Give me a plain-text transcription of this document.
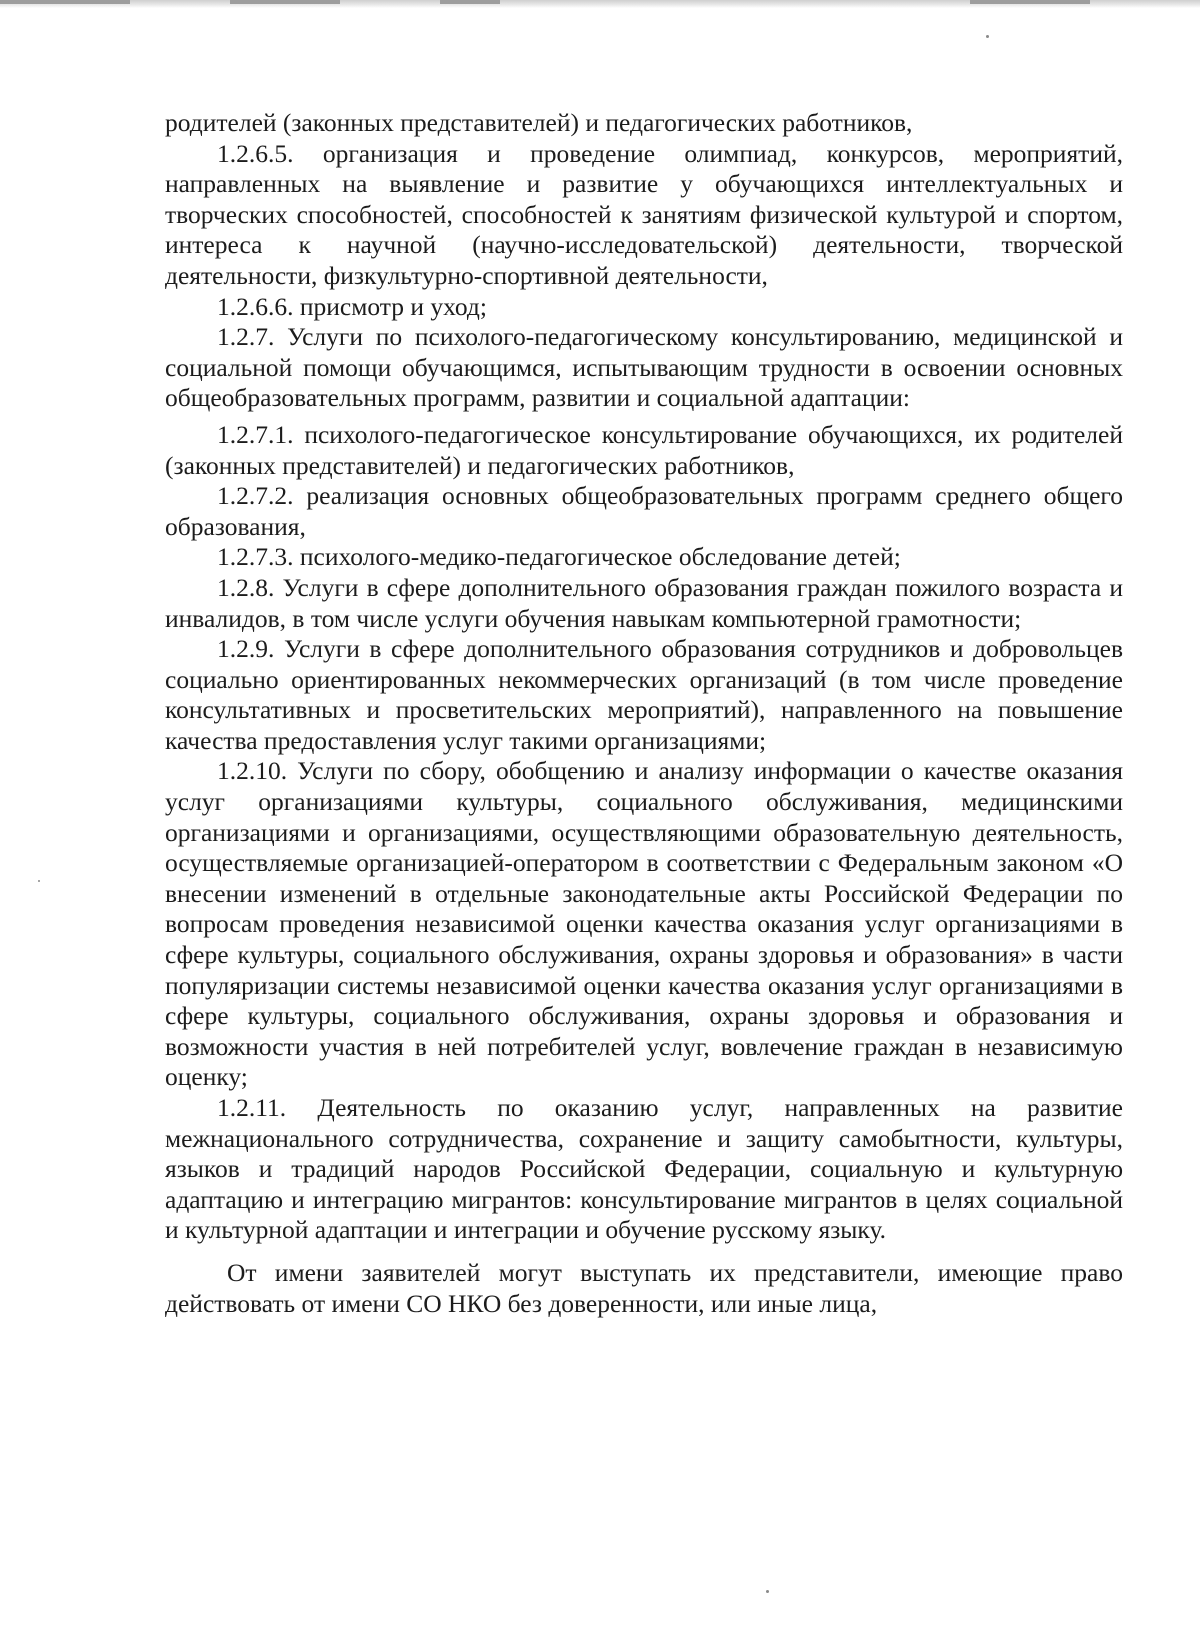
родителей (законных представителей) и педагогических работников,

1.2.6.5. организация и проведение олимпиад, конкурсов, мероприятий, направленных на выявление и развитие у обучающихся интеллектуальных и творческих способностей, способностей к занятиям физической культурой и спортом, интереса к научной (научно-исследовательской) деятельности, творческой деятельности, физкультурно-спортивной деятельности,

1.2.6.6. присмотр и уход;

1.2.7. Услуги по психолого-педагогическому консультированию, медицинской и социальной помощи обучающимся, испытывающим трудности в освоении основных общеобразовательных программ, развитии и социальной адаптации:

1.2.7.1. психолого-педагогическое консультирование обучающихся, их родителей (законных представителей) и педагогических работников,

1.2.7.2. реализация основных общеобразовательных программ среднего общего образования,

1.2.7.3. психолого-медико-педагогическое обследование детей;

1.2.8. Услуги в сфере дополнительного образования граждан пожилого возраста и инвалидов, в том числе услуги обучения навыкам компьютерной грамотности;

1.2.9. Услуги в сфере дополнительного образования сотрудников и добровольцев социально ориентированных некоммерческих организаций (в том числе проведение консультативных и просветительских мероприятий), направленного на повышение качества предоставления услуг такими организациями;

1.2.10. Услуги по сбору, обобщению и анализу информации о качестве оказания услуг организациями культуры, социального обслуживания, медицинскими организациями и организациями, осуществляющими образовательную деятельность, осуществляемые организацией-оператором в соответствии с Федеральным законом «О внесении изменений в отдельные законодательные акты Российской Федерации по вопросам проведения независимой оценки качества оказания услуг организациями в сфере культуры, социального обслуживания, охраны здоровья и образования» в части популяризации системы независимой оценки качества оказания услуг организациями в сфере культуры, социального обслуживания, охраны здоровья и образования и возможности участия в ней потребителей услуг, вовлечение граждан в независимую оценку;

1.2.11. Деятельность по оказанию услуг, направленных на развитие межнационального сотрудничества, сохранение и защиту самобытности, культуры, языков и традиций народов Российской Федерации, социальную и культурную адаптацию и интеграцию мигрантов: консультирование мигрантов в целях социальной и культурной адаптации и интеграции и обучение русскому языку.

От имени заявителей могут выступать их представители, имеющие право действовать от имени СО НКО без доверенности, или иные лица,
